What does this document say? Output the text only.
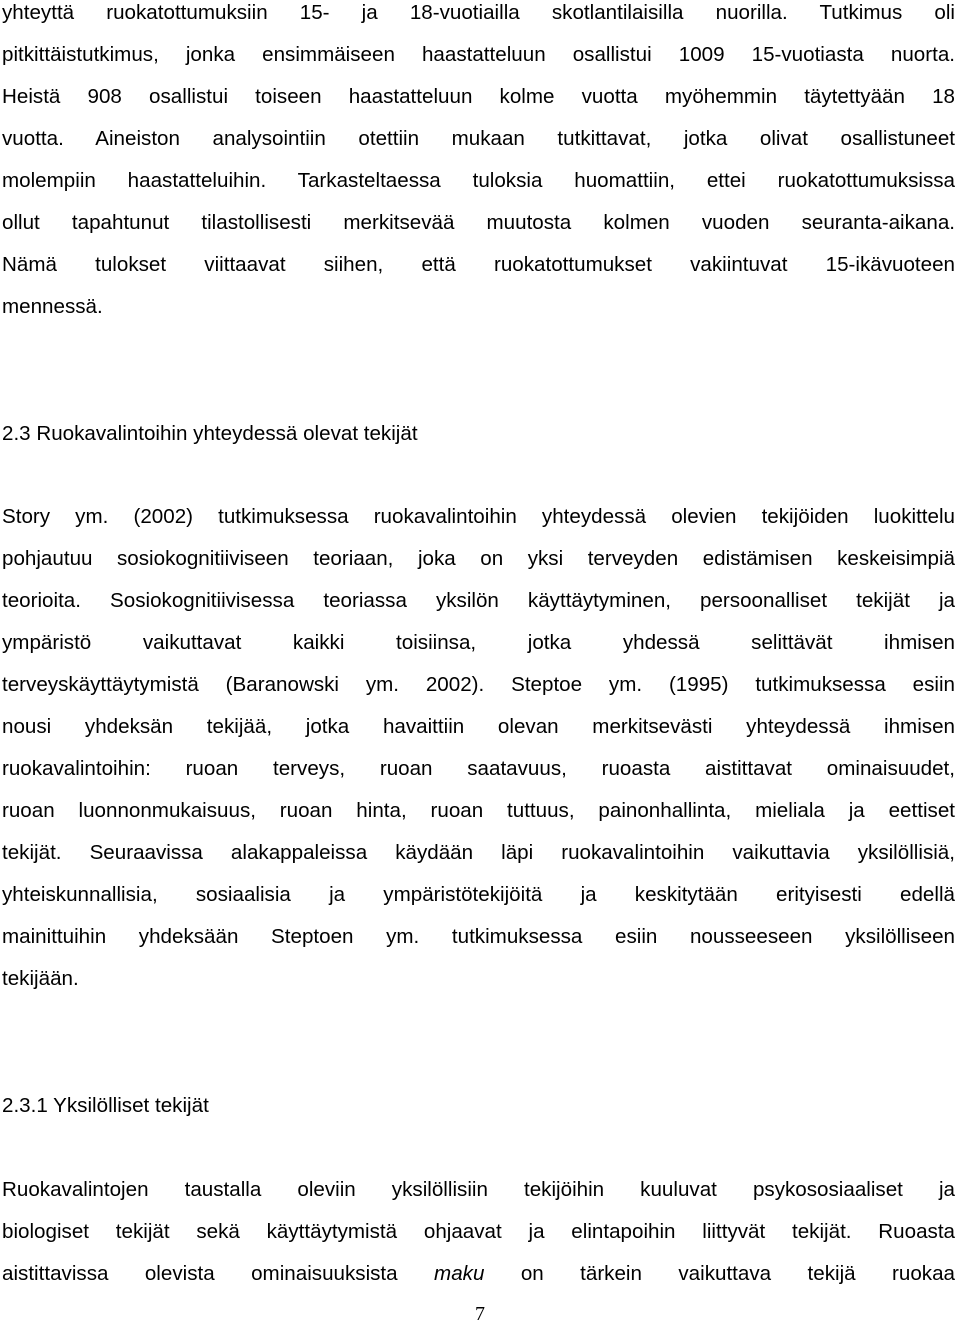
yhteyttä ruokatottumuksiin 15- ja 18-vuotiailla skotlantilaisilla nuorilla. Tutkimus oli
pitkittäistutkimus, jonka ensimmäiseen haastatteluun osallistui 1009 15-vuotiasta nuorta.
Heistä 908 osallistui toiseen haastatteluun kolme vuotta myöhemmin täytettyään 18
vuotta. Aineiston analysointiin otettiin mukaan tutkittavat, jotka olivat osallistuneet
molempiin haastatteluihin. Tarkasteltaessa tuloksia huomattiin, ettei ruokatottumuksissa
ollut tapahtunut tilastollisesti merkitsevää muutosta kolmen vuoden seuranta-aikana.
Nämä tulokset viittaavat siihen, että ruokatottumukset vakiintuvat 15-ikävuoteen
mennessä.
2.3 Ruokavalintoihin yhteydessä olevat tekijät
Story ym. (2002) tutkimuksessa ruokavalintoihin yhteydessä olevien tekijöiden luokittelu
pohjautuu sosiokognitiiviseen teoriaan, joka on yksi terveyden edistämisen keskeisimpiä
teorioita. Sosiokognitiivisessa teoriassa yksilön käyttäytyminen, persoonalliset tekijät ja
ympäristö vaikuttavat kaikki toisiinsa, jotka yhdessä selittävät ihmisen
terveyskäyttäytymistä (Baranowski ym. 2002). Steptoe ym. (1995) tutkimuksessa esiin
nousi yhdeksän tekijää, jotka havaittiin olevan merkitsevästi yhteydessä ihmisen
ruokavalintoihin: ruoan terveys, ruoan saatavuus, ruoasta aistittavat ominaisuudet,
ruoan luonnonmukaisuus, ruoan hinta, ruoan tuttuus, painonhallinta, mieliala ja eettiset
tekijät. Seuraavissa alakappaleissa käydään läpi ruokavalintoihin vaikuttavia yksilöllisiä,
yhteiskunnallisia, sosiaalisia ja ympäristötekijöitä ja keskitytään erityisesti edellä
mainittuihin yhdeksään Steptoen ym. tutkimuksessa esiin nousseeseen yksilölliseen
tekijään.
2.3.1 Yksilölliset tekijät
Ruokavalintojen taustalla oleviin yksilöllisiin tekijöihin kuuluvat psykososiaaliset ja
biologiset tekijät sekä käyttäytymistä ohjaavat ja elintapoihin liittyvät tekijät. Ruoasta
aistittavissa olevista ominaisuuksista maku on tärkein vaikuttava tekijä ruokaa
7
